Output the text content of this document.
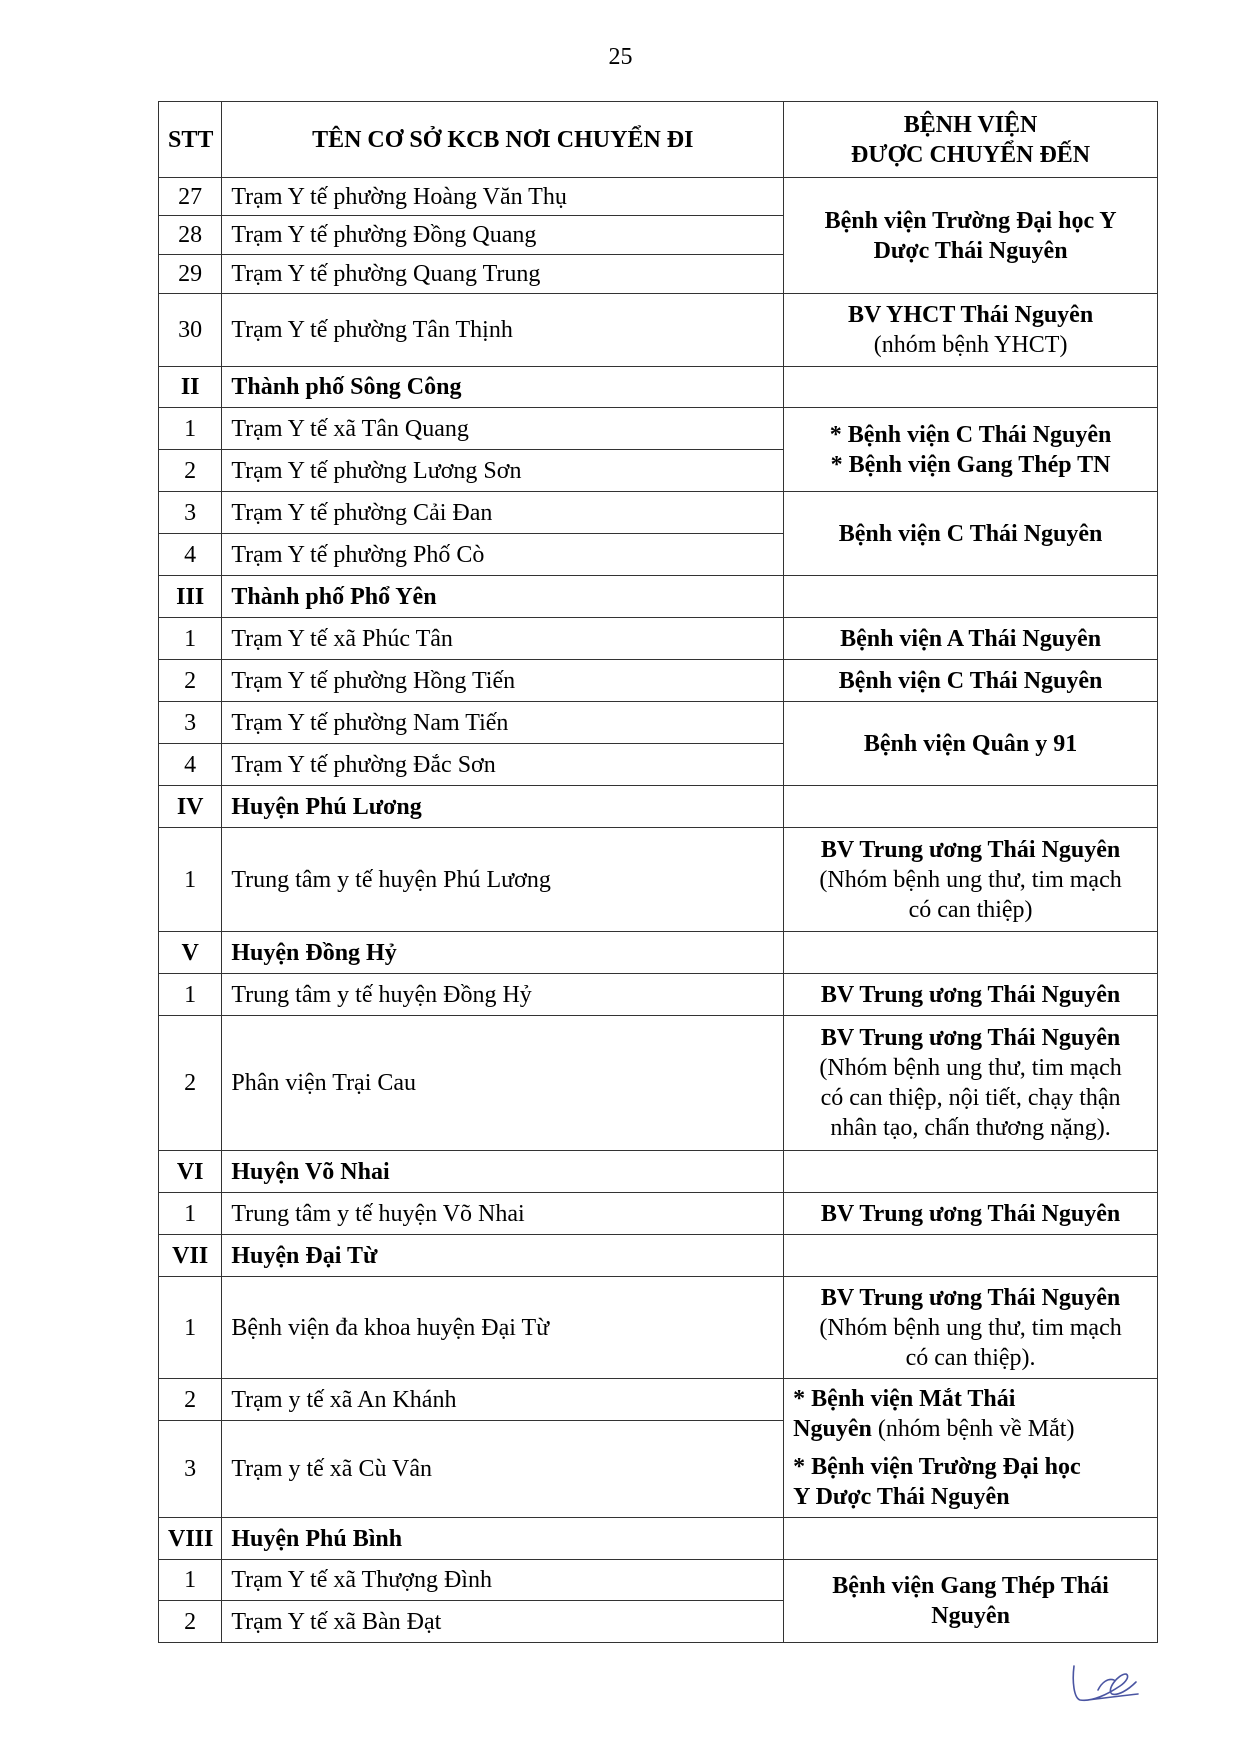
25
STT	TÊN CƠ SỞ KCB NƠI CHUYỂN ĐI	BỆNH VIỆN
ĐƯỢC CHUYỂN ĐẾN

27	Trạm Y tế phường Hoàng Văn Thụ	Bệnh viện Trường Đại học Y
Dược Thái Nguyên

28	Trạm Y tế phường Đồng Quang	
29	Trạm Y tế phường Quang Trung	
30	Trạm Y tế phường Tân Thịnh	BV YHCT Thái Nguyên
(nhóm bệnh YHCT)

II	Thành phố Sông Công	
1	Trạm Y tế xã Tân Quang	* Bệnh viện C Thái Nguyên
* Bệnh viện Gang Thép TN

2	Trạm Y tế phường Lương Sơn	
3	Trạm Y tế phường Cải Đan	Bệnh viện C Thái Nguyên
4	Trạm Y tế phường Phố Cò	
III	Thành phố Phổ Yên	
1	Trạm Y tế xã Phúc Tân	Bệnh viện A Thái Nguyên
2	Trạm Y tế phường Hồng Tiến	Bệnh viện C Thái Nguyên
3	Trạm Y tế phường Nam Tiến	Bệnh viện Quân y 91
4	Trạm Y tế phường Đắc Sơn	
IV	Huyện Phú Lương	
1	Trung tâm y tế huyện Phú Lương	BV Trung ương Thái Nguyên
(Nhóm bệnh ung thư, tim mạch
có can thiệp)

V	Huyện Đồng Hỷ	
1	Trung tâm y tế huyện Đồng Hỷ	BV Trung ương Thái Nguyên
2	Phân viện Trại Cau	BV Trung ương Thái Nguyên
(Nhóm bệnh ung thư, tim mạch
có can thiệp, nội tiết, chạy thận
nhân tạo, chấn thương nặng).

VI	Huyện Võ Nhai	
1	Trung tâm y tế huyện Võ Nhai	BV Trung ương Thái Nguyên
VII	Huyện Đại Từ	
1	Bệnh viện đa khoa huyện Đại Từ	BV Trung ương Thái Nguyên
(Nhóm bệnh ung thư, tim mạch
có can thiệp).

2	Trạm y tế xã An Khánh	* Bệnh viện Mắt Thái
Nguyên (nhóm bệnh về Mắt)
* Bệnh viện Trường Đại học
Y Dược Thái Nguyên

3	Trạm y tế xã Cù Vân	
VIII	Huyện Phú Bình	
1	Trạm Y tế xã Thượng Đình	Bệnh viện Gang Thép Thái
Nguyên

2	Trạm Y tế xã Bàn Đạt	
